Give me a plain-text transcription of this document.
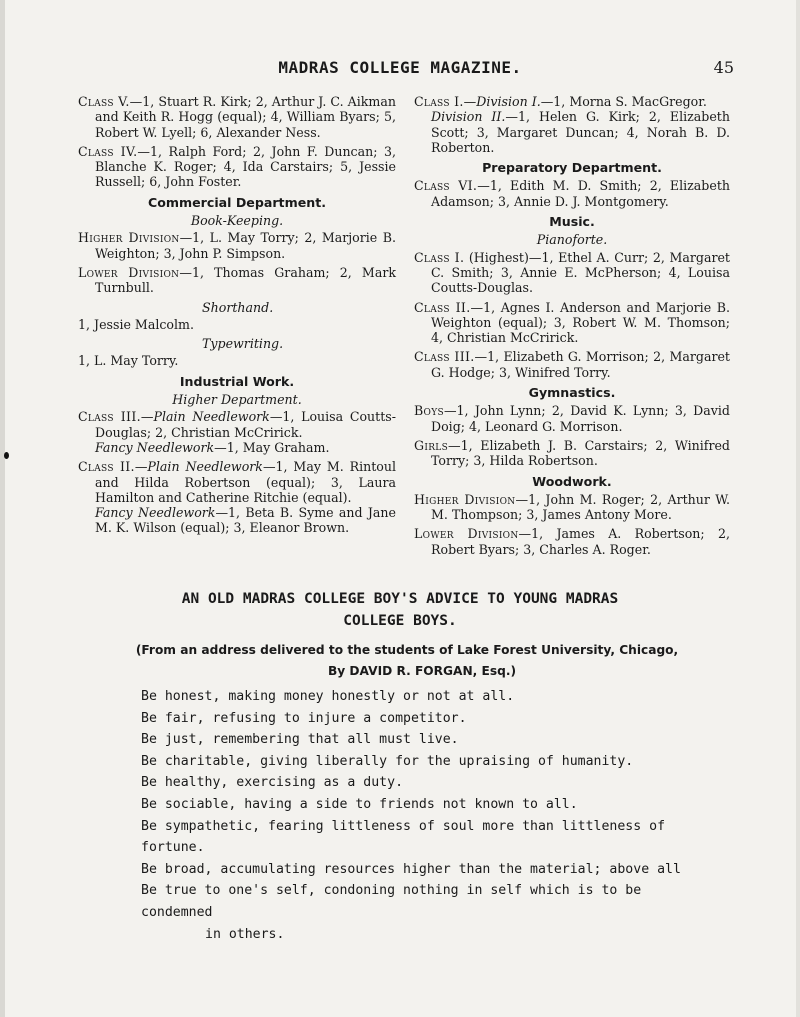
MADRAS COLLEGE MAGAZINE.	45

Class V.—1, Stuart R. Kirk; 2, Arthur J. C. Aikman and Keith R. Hogg (equal); 4, William Byars; 5, Robert W. Lyell; 6, Alexander Ness.

Class IV.—1, Ralph Ford; 2, John F. Duncan; 3, Blanche K. Roger; 4, Ida Carstairs; 5, Jessie Russell; 6, John Foster.

Commercial Department.
Book-Keeping.

Higher Division—1, L. May Torry; 2, Marjorie B. Weighton; 3, John P. Simpson.

Lower Division—1, Thomas Graham; 2, Mark Turnbull.

Shorthand.

1, Jessie Malcolm.

Typewriting.

1, L. May Torry.

Industrial Work.
Higher Department.

Class III.—Plain Needlework—1, Louisa Coutts-Douglas; 2, Christian McCririck.
Fancy Needlework—1, May Graham.

Class II.—Plain Needlework—1, May M. Rintoul and Hilda Robertson (equal); 3, Laura Hamilton and Catherine Ritchie (equal).
Fancy Needlework—1, Beta B. Syme and Jane M. K. Wilson (equal); 3, Eleanor Brown.

Class I.—Division I.—1, Morna S. MacGregor.
Division II.—1, Helen G. Kirk; 2, Elizabeth Scott; 3, Margaret Duncan; 4, Norah B. D. Roberton.

Preparatory Department.

Class VI.—1, Edith M. D. Smith; 2, Elizabeth Adamson; 3, Annie D. J. Montgomery.

Music.
Pianoforte.

Class I. (Highest)—1, Ethel A. Curr; 2, Margaret C. Smith; 3, Annie E. McPherson; 4, Louisa Coutts-Douglas.

Class II.—1, Agnes I. Anderson and Marjorie B. Weighton (equal); 3, Robert W. M. Thomson; 4, Christian McCririck.

Class III.—1, Elizabeth G. Morrison; 2, Margaret G. Hodge; 3, Winifred Torry.

Gymnastics.

Boys—1, John Lynn; 2, David K. Lynn; 3, David Doig; 4, Leonard G. Morrison.

Girls—1, Elizabeth J. B. Carstairs; 2, Winifred Torry; 3, Hilda Robertson.

Woodwork.

Higher Division—1, John M. Roger; 2, Arthur W. M. Thompson; 3, James Antony More.

Lower Division—1, James A. Robertson; 2, Robert Byars; 3, Charles A. Roger.

AN OLD MADRAS COLLEGE BOY'S ADVICE TO YOUNG MADRAS
COLLEGE BOYS.
(From an address delivered to the students of Lake Forest University, Chicago,
By DAVID R. FORGAN, Esq.)

Be honest, making money honestly or not at all.

Be fair, refusing to injure a competitor.

Be just, remembering that all must live.

Be charitable, giving liberally for the upraising of humanity.

Be healthy, exercising as a duty.

Be sociable, having a side to friends not known to all.

Be sympathetic, fearing littleness of soul more than littleness of fortune.

Be broad, accumulating resources higher than the material; above all

Be true to one's self, condoning nothing in self which is to be condemned

in others.
